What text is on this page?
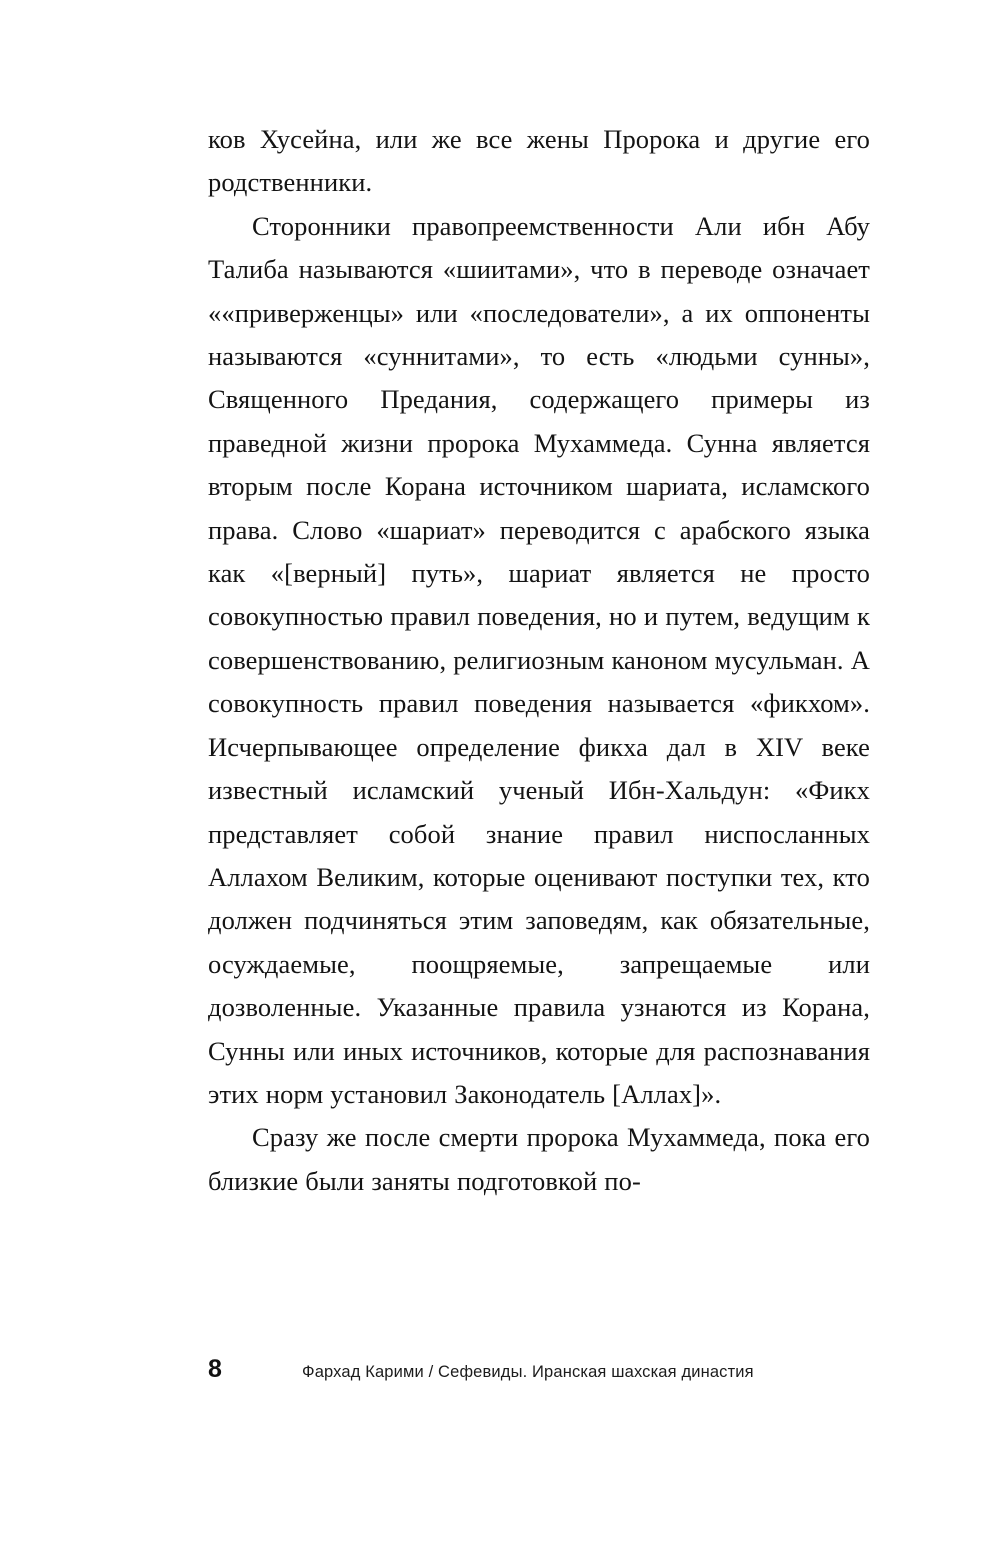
ков Хусейна, или же все жены Пророка и другие его родственники.

Сторонники правопреемственности Али ибн Абу Талиба называются «шиитами», что в переводе означает ««приверженцы» или «последователи», а их оппоненты называются «суннитами», то есть «людьми сунны», Священного Предания, содержащего примеры из праведной жизни пророка Мухаммеда. Сунна является вторым после Корана источником шариата, исламского права. Слово «шариат» переводится с арабского языка как «[верный] путь», шариат является не просто совокупностью правил поведения, но и путем, ведущим к совершенствованию, религиозным каноном мусульман. А совокупность правил поведения называется «фикхом». Исчерпывающее определение фикха дал в XIV веке известный исламский ученый Ибн-Хальдун: «Фикх представляет собой знание правил ниспосланных Аллахом Великим, которые оценивают поступки тех, кто должен подчиняться этим заповедям, как обязательные, осуждаемые, поощряемые, запрещаемые или дозволенные. Указанные правила узнаются из Корана, Сунны или иных источников, которые для распознавания этих норм установил Законодатель [Аллах]».

Сразу же после смерти пророка Мухаммеда, пока его близкие были заняты подготовкой по-

8	Фархад Карими / Сефевиды. Иранская шахская династия
